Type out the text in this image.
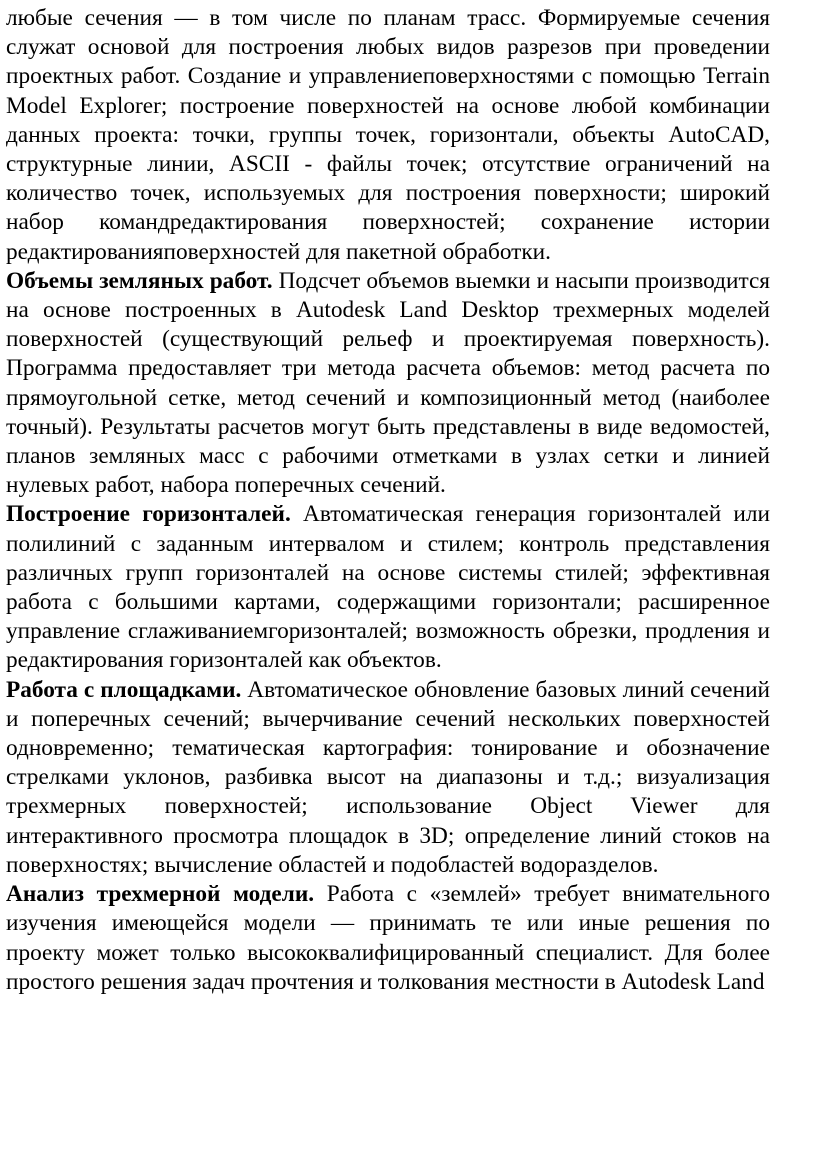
любые сечения — в том числе по планам трасс. Формируемые сечения служат основой для построения любых видов разрезов при проведении проектных работ. Создание и управлениеповерхностями с помощью Terrain Model Explorer; построение поверхностей на основе любой комбинации данных проекта: точки, группы точек, горизонтали, объекты AutoCAD, структурные линии, ASCII - файлы точек; отсутствие ограничений на количество точек, используемых для построения поверхности; широкий набор командредактирования поверхностей; сохранение истории редактированияповерхностей для пакетной обработки.

Объемы земляных работ. Подсчет объемов выемки и насыпи производится на основе построенных в Autodesk Land Desktop трехмерных моделей поверхностей (существующий рельеф и проектируемая поверхность). Программа предоставляет три метода расчета объемов: метод расчета по прямоугольной сетке, метод сечений и композиционный метод (наиболее точный). Результаты расчетов могут быть представлены в виде ведомостей, планов земляных масс с рабочими отметками в узлах сетки и линией нулевых работ, набора поперечных сечений.

Построение горизонталей. Автоматическая генерация горизонталей или полилиний с заданным интервалом и стилем; контроль представления различных групп горизонталей на основе системы стилей; эффективная работа с большими картами, содержащими горизонтали; расширенное управление сглаживаниемгоризонталей; возможность обрезки, продления и редактирования горизонталей как объектов.

Работа с площадками. Автоматическое обновление базовых линий сечений и поперечных сечений; вычерчивание сечений нескольких поверхностей одновременно; тематическая картография: тонирование и обозначение стрелками уклонов, разбивка высот на диапазоны и т.д.; визуализация трехмерных поверхностей; использование Object Viewer для интерактивного просмотра площадок в 3D; определение линий стоков на поверхностях; вычисление областей и подобластей водоразделов.

Анализ трехмерной модели. Работа с «землей» требует внимательного изучения имеющейся модели — принимать те или иные решения по проекту может только высококвалифицированный специалист. Для более простого решения задач прочтения и толкования местности в Autodesk Land
